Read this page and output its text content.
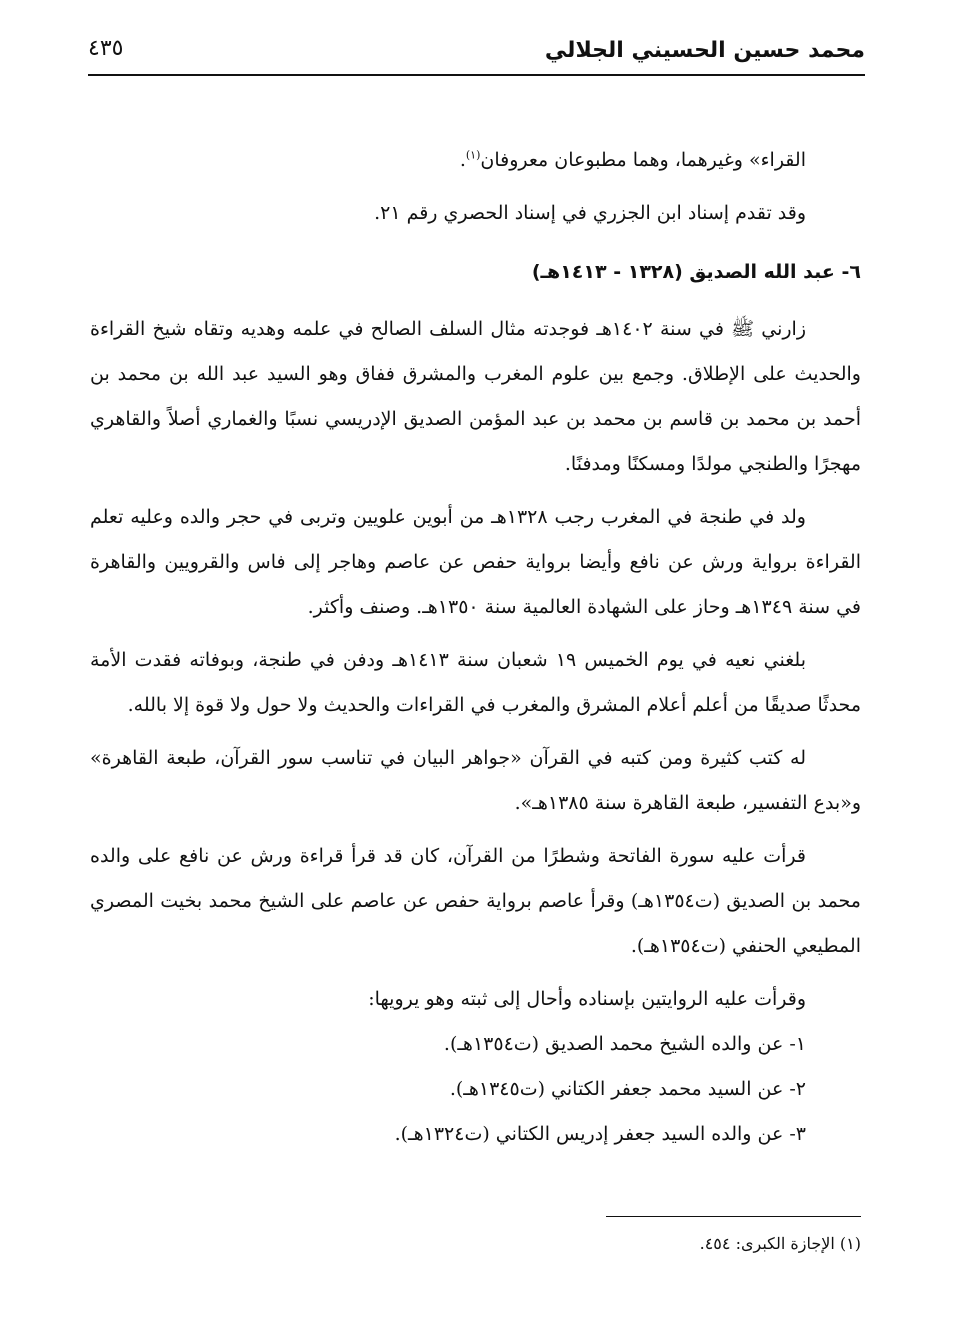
محمد حسين الحسيني الجلالي
٤٣٥

القراء» وغيرهما، وهما مطبوعان معروفان$^{(١)}$.

وقد تقدم إسناد ابن الجزري في إسناد الحصري رقم ٢١.

٦- عبد الله الصديق (١٣٢٨ - ١٤١٣هـ)

زارني ﷺ في سنة ١٤٠٢هـ فوجدته مثال السلف الصالح في علمه وهديه وتقاه شيخ القراءة والحديث على الإطلاق. وجمع بين علوم المغرب والمشرق ففاق وهو السيد عبد الله بن محمد بن أحمد بن محمد بن قاسم بن محمد بن عبد المؤمن الصديق الإدريسي نسبًا والغماري أصلاً والقاهري مهجرًا والطنجي مولدًا ومسكنًا ومدفنًا.

ولد في طنجة في المغرب رجب ١٣٢٨هـ من أبوين علويين وتربى في حجر والده وعليه تعلم القراءة برواية ورش عن نافع وأيضا برواية حفص عن عاصم وهاجر إلى فاس والقرويين والقاهرة في سنة ١٣٤٩هـ وحاز على الشهادة العالمية سنة ١٣٥٠هـ. وصنف وأكثر.

بلغني نعيه في يوم الخميس ١٩ شعبان سنة ١٤١٣هـ ودفن في طنجة، وبوفاته فقدت الأمة محدثًا صديقًا من أعلم أعلام المشرق والمغرب في القراءات والحديث ولا حول ولا قوة إلا بالله.

له كتب كثيرة ومن كتبه في القرآن «جواهر البيان في تناسب سور القرآن، طبعة القاهرة» و«بدع التفسير، طبعة القاهرة سنة ١٣٨٥هـ».

قرأت عليه سورة الفاتحة وشطرًا من القرآن، كان قد قرأ قراءة ورش عن نافع على والده محمد بن الصديق (ت١٣٥٤هـ) وقرأ عاصم برواية حفص عن عاصم على الشيخ محمد بخيت المصري المطيعي الحنفي (ت١٣٥٤هـ).

وقرأت عليه الروايتين بإسناده وأحال إلى ثبته وهو يرويها:

١- عن والده الشيخ محمد الصديق (ت١٣٥٤هـ).

٢- عن السيد محمد جعفر الكتاني (ت١٣٤٥هـ).

٣- عن والده السيد جعفر إدريس الكتاني (ت١٣٢٤هـ).

(١) الإجازة الكبرى: ٤٥٤.
